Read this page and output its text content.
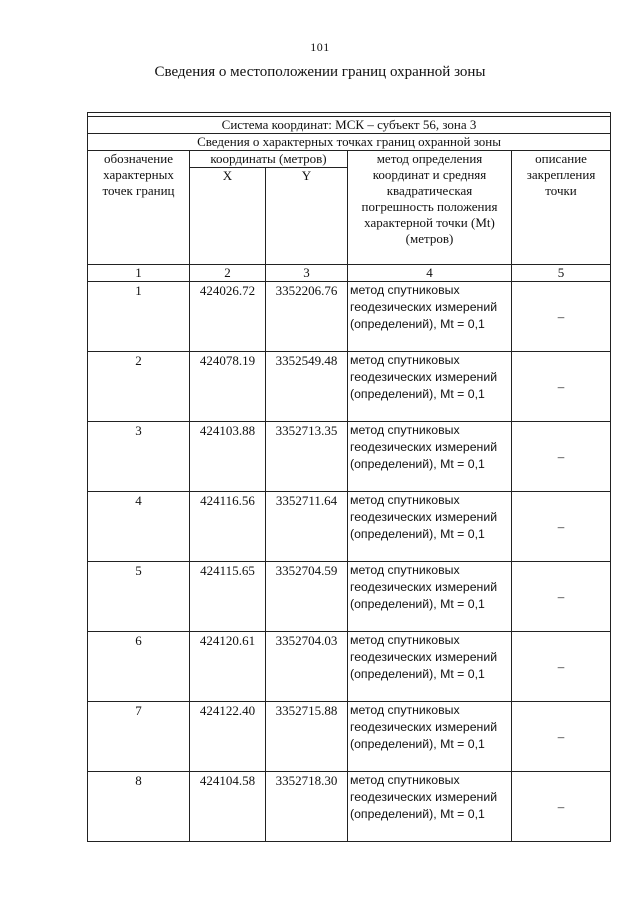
101
Сведения о местоположении границ охранной зоны

Система координат: МСК – субъект 56, зона 3				
Сведения о характерных точках границ охранной зоны				
обозначение характерных точек границ	координаты (метров)		метод определения координат и средняя квадратическая погрешность положения характерной точки (Mt) (метров)	описание закрепления точки
	X	Y		
1	2	3	4	5
1	424026.72	3352206.76	метод спутниковых геодезических измерений (определений), Mt = 0,1	–
2	424078.19	3352549.48	метод спутниковых геодезических измерений (определений), Mt = 0,1	–
3	424103.88	3352713.35	метод спутниковых геодезических измерений (определений), Mt = 0,1	–
4	424116.56	3352711.64	метод спутниковых геодезических измерений (определений), Mt = 0,1	–
5	424115.65	3352704.59	метод спутниковых геодезических измерений (определений), Mt = 0,1	–
6	424120.61	3352704.03	метод спутниковых геодезических измерений (определений), Mt = 0,1	–
7	424122.40	3352715.88	метод спутниковых геодезических измерений (определений), Mt = 0,1	–
8	424104.58	3352718.30	метод спутниковых геодезических измерений (определений), Mt = 0,1	–
